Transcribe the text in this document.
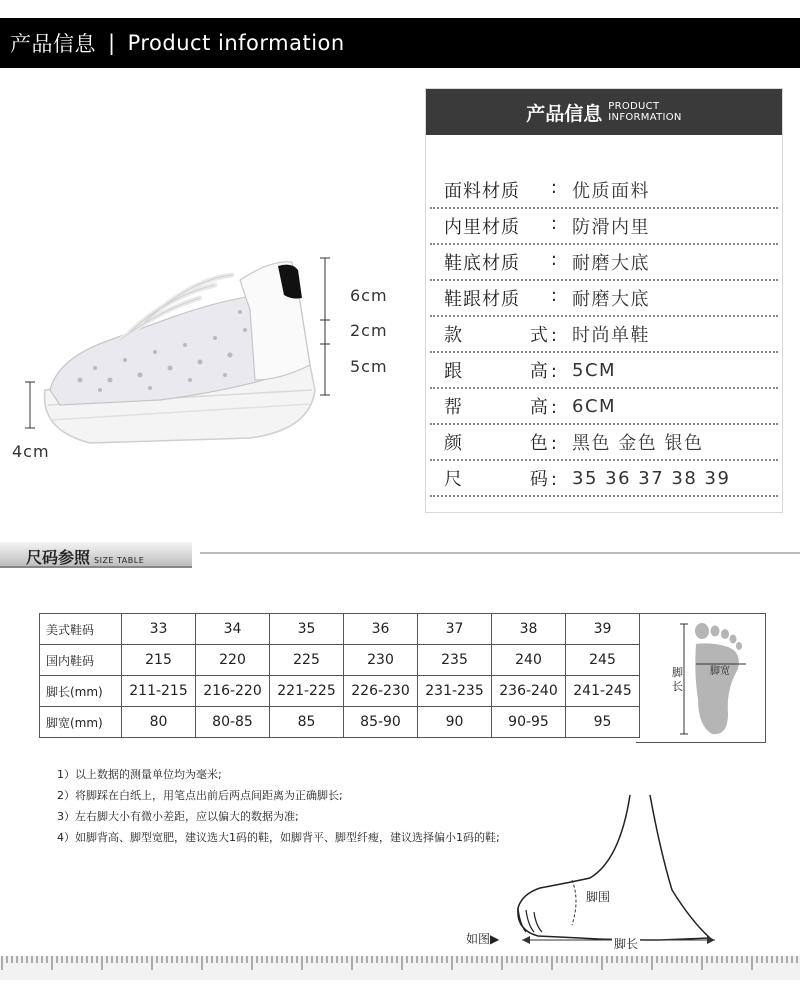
产品信息 | Product information
6cm
2cm
5cm
4cm
产品信息 PRODUCT
INFORMATION
面料材质 : 优质面料
内里材质 : 防滑内里
鞋底材质 : 耐磨大底
鞋跟材质 : 耐磨大底
款	式 : 时尚单鞋
跟	高 : 5CM
帮	高 : 6CM
颜	色 : 黑色 金色 银色
尺	码 : 35 36 37 38 39
尺码参照 SIZE TABLE
美式鞋码	33	34	35	36	37	38	39
国内鞋码	215	220	225	230	235	240	245
脚长(mm)	211-215	216-220	221-225	226-230	231-235	236-240	241-245
脚宽(mm)	80	80-85	85	85-90	90	90-95	95
脚长
脚宽
1）以上数据的测量单位均为毫米;
2）将脚踩在白纸上，用笔点出前后两点间距离为正确脚长;
3）左右脚大小有微小差距，应以偏大的数据为准;
4）如脚背高、脚型宽肥，建议选大1码的鞋，如脚背平、脚型纤瘦，建议选择偏小1码的鞋;
脚围
脚长
如图▶
